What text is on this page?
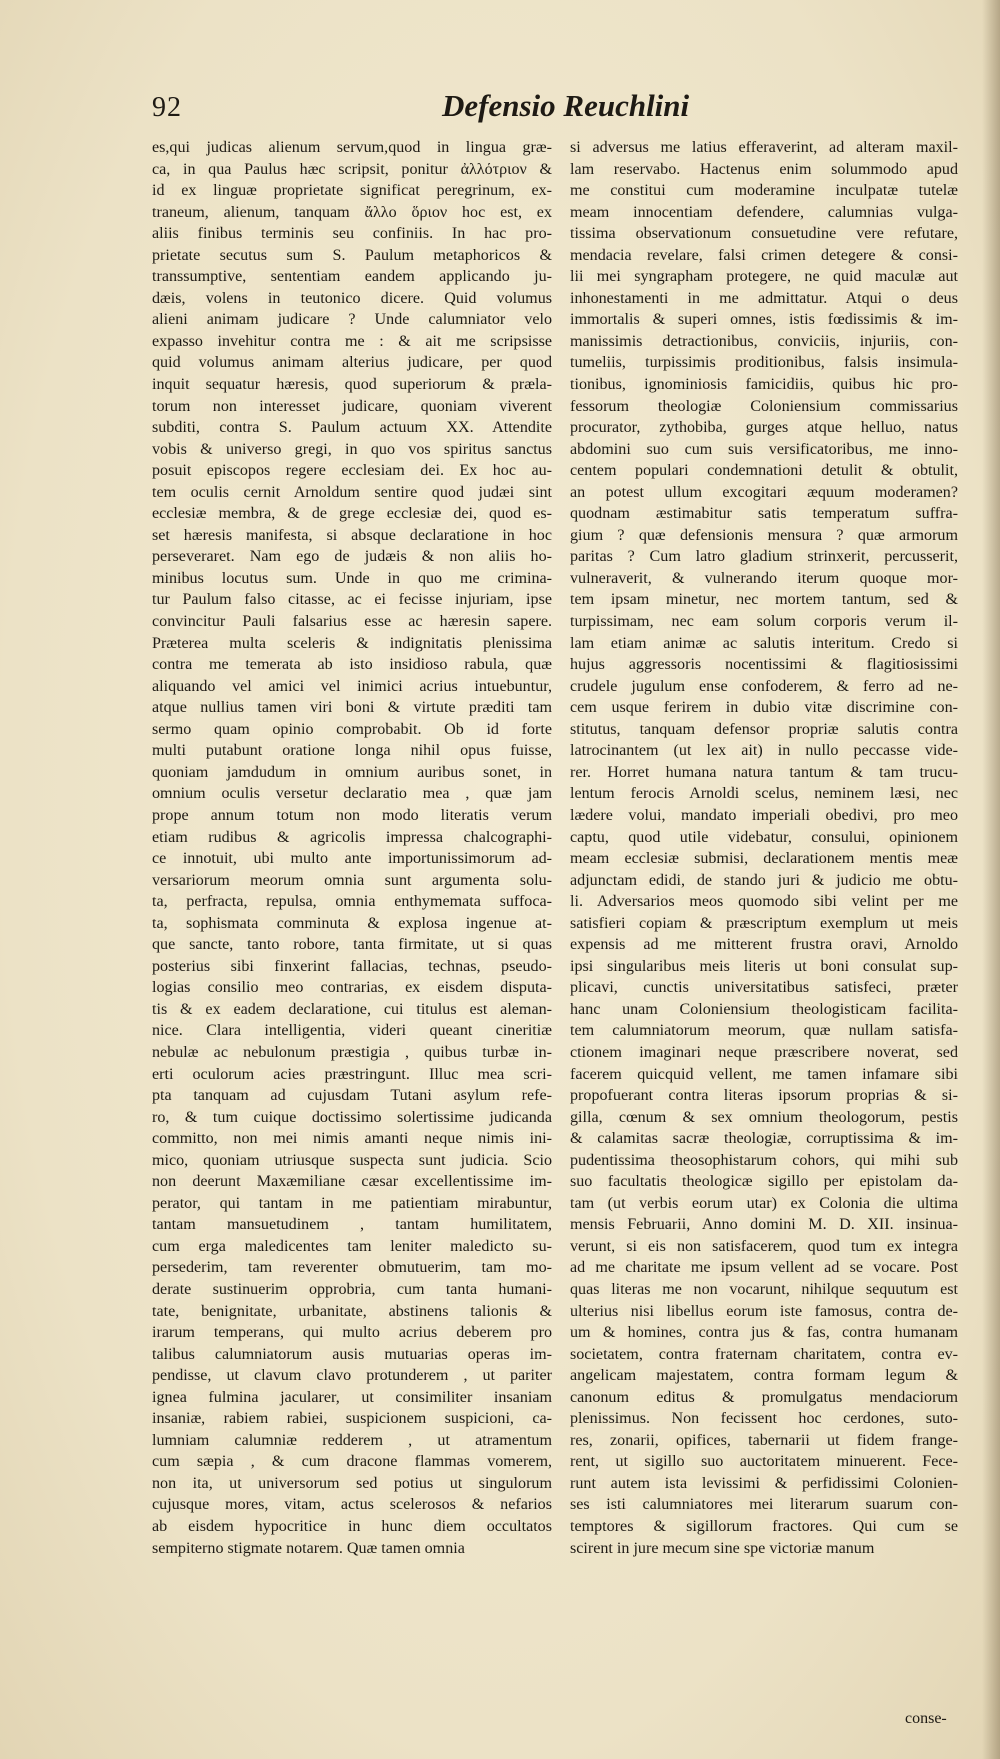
92	Defensio Reuchlini
es,qui judicas alienum servum,quod in lingua græ-
ca, in qua Paulus hæc scripsit, ponitur ἀλλότριον &
id ex linguæ proprietate significat peregrinum, ex-
traneum, alienum, tanquam ἄλλο ὅριον hoc est, ex
aliis finibus terminis seu confiniis. In hac pro-
prietate secutus sum S. Paulum metaphoricos &
transsumptive, sententiam eandem applicando ju-
dæis, volens in teutonico dicere. Quid volumus
alieni animam judicare ? Unde calumniator velo
expasso invehitur contra me : & ait me scripsisse
quid volumus animam alterius judicare, per quod
inquit sequatur hæresis, quod superiorum & præla-
torum non interesset judicare, quoniam viverent
subditi, contra S. Paulum actuum XX. Attendite
vobis & universo gregi, in quo vos spiritus sanctus
posuit episcopos regere ecclesiam dei. Ex hoc au-
tem oculis cernit Arnoldum sentire quod judæi sint
ecclesiæ membra, & de grege ecclesiæ dei, quod es-
set hæresis manifesta, si absque declaratione in hoc
perseveraret. Nam ego de judæis & non aliis ho-
minibus locutus sum. Unde in quo me crimina-
tur Paulum falso citasse, ac ei fecisse injuriam, ipse
convincitur Pauli falsarius esse ac hæresin sapere.
Præterea multa sceleris & indignitatis plenissima
contra me temerata ab isto insidioso rabula, quæ
aliquando vel amici vel inimici acrius intuebuntur,
atque nullius tamen viri boni & virtute præditi tam
sermo quam opinio comprobabit. Ob id forte
multi putabunt oratione longa nihil opus fuisse,
quoniam jamdudum in omnium auribus sonet, in
omnium oculis versetur declaratio mea , quæ jam
prope annum totum non modo literatis verum
etiam rudibus & agricolis impressa chalcographi-
ce innotuit, ubi multo ante importunissimorum ad-
versariorum meorum omnia sunt argumenta solu-
ta, perfracta, repulsa, omnia enthymemata suffoca-
ta, sophismata comminuta & explosa ingenue at-
que sancte, tanto robore, tanta firmitate, ut si quas
posterius sibi finxerint fallacias, technas, pseudo-
logias consilio meo contrarias, ex eisdem disputa-
tis & ex eadem declaratione, cui titulus est aleman-
nice. Clara intelligentia, videri queant cineritiæ
nebulæ ac nebulonum præstigia , quibus turbæ in-
erti oculorum acies præstringunt. Illuc mea scri-
pta tanquam ad cujusdam Tutani asylum refe-
ro, & tum cuique doctissimo solertissime judicanda
committo, non mei nimis amanti neque nimis ini-
mico, quoniam utriusque suspecta sunt judicia. Scio
non deerunt Maxæmiliane cæsar excellentissime im-
perator, qui tantam in me patientiam mirabuntur,
tantam mansuetudinem , tantam humilitatem,
cum erga maledicentes tam leniter maledicto su-
persederim, tam reverenter obmutuerim, tam mo-
derate sustinuerim opprobria, cum tanta humani-
tate, benignitate, urbanitate, abstinens talionis &
irarum temperans, qui multo acrius deberem pro
talibus calumniatorum ausis mutuarias operas im-
pendisse, ut clavum clavo protunderem , ut pariter
ignea fulmina jacularer, ut consimiliter insaniam
insaniæ, rabiem rabiei, suspicionem suspicioni, ca-
lumniam calumniæ redderem , ut atramentum
cum sæpia , & cum dracone flammas vomerem,
non ita, ut universorum sed potius ut singulorum
cujusque mores, vitam, actus scelerosos & nefarios
ab eisdem hypocritice in hunc diem occultatos
sempiterno stigmate notarem. Quæ tamen omnia
si adversus me latius efferaverint, ad alteram maxil-
lam reservabo. Hactenus enim solummodo apud
me constitui cum moderamine inculpatæ tutelæ
meam innocentiam defendere, calumnias vulga-
tissima observationum consuetudine vere refutare,
mendacia revelare, falsi crimen detegere & consi-
lii mei syngrapham protegere, ne quid maculæ aut
inhonestamenti in me admittatur. Atqui o deus
immortalis & superi omnes, istis fœdissimis & im-
manissimis detractionibus, conviciis, injuriis, con-
tumeliis, turpissimis proditionibus, falsis insimula-
tionibus, ignominiosis famicidiis, quibus hic pro-
fessorum theologiæ Coloniensium commissarius
procurator, zythobiba, gurges atque helluo, natus
abdomini suo cum suis versificatoribus, me inno-
centem populari condemnationi detulit & obtulit,
an potest ullum excogitari æquum moderamen?
quodnam æstimabitur satis temperatum suffra-
gium ? quæ defensionis mensura ? quæ armorum
paritas ? Cum latro gladium strinxerit, percusserit,
vulneraverit, & vulnerando iterum quoque mor-
tem ipsam minetur, nec mortem tantum, sed &
turpissimam, nec eam solum corporis verum il-
lam etiam animæ ac salutis interitum. Credo si
hujus aggressoris nocentissimi & flagitiosissimi
crudele jugulum ense confoderem, & ferro ad ne-
cem usque ferirem in dubio vitæ discrimine con-
stitutus, tanquam defensor propriæ salutis contra
latrocinantem (ut lex ait) in nullo peccasse vide-
rer. Horret humana natura tantum & tam trucu-
lentum ferocis Arnoldi scelus, neminem læsi, nec
lædere volui, mandato imperiali obedivi, pro meo
captu, quod utile videbatur, consului, opinionem
meam ecclesiæ submisi, declarationem mentis meæ
adjunctam edidi, de stando juri & judicio me obtu-
li. Adversarios meos quomodo sibi velint per me
satisfieri copiam & præscriptum exemplum ut meis
expensis ad me mitterent frustra oravi, Arnoldo
ipsi singularibus meis literis ut boni consulat sup-
plicavi, cunctis universitatibus satisfeci, præter
hanc unam Coloniensium theologisticam facilita-
tem calumniatorum meorum, quæ nullam satisfa-
ctionem imaginari neque præscribere noverat, sed
facerem quicquid vellent, me tamen infamare sibi
propofuerant contra literas ipsorum proprias & si-
gilla, cœnum & sex omnium theologorum, pestis
& calamitas sacræ theologiæ, corruptissima & im-
pudentissima theosophistarum cohors, qui mihi sub
suo facultatis theologicæ sigillo per epistolam da-
tam (ut verbis eorum utar) ex Colonia die ultima
mensis Februarii, Anno domini M. D. XII. insinua-
verunt, si eis non satisfacerem, quod tum ex integra
ad me charitate me ipsum vellent ad se vocare. Post
quas literas me non vocarunt, nihilque sequutum est
ulterius nisi libellus eorum iste famosus, contra de-
um & homines, contra jus & fas, contra humanam
societatem, contra fraternam charitatem, contra ev-
angelicam majestatem, contra formam legum &
canonum editus & promulgatus mendaciorum
plenissimus. Non fecissent hoc cerdones, suto-
res, zonarii, opifices, tabernarii ut fidem frange-
rent, ut sigillo suo auctoritatem minuerent. Fece-
runt autem ista levissimi & perfidissimi Colonien-
ses isti calumniatores mei literarum suarum con-
temptores & sigillorum fractores. Qui cum se
scirent in jure mecum sine spe victoriæ manum
conse-
